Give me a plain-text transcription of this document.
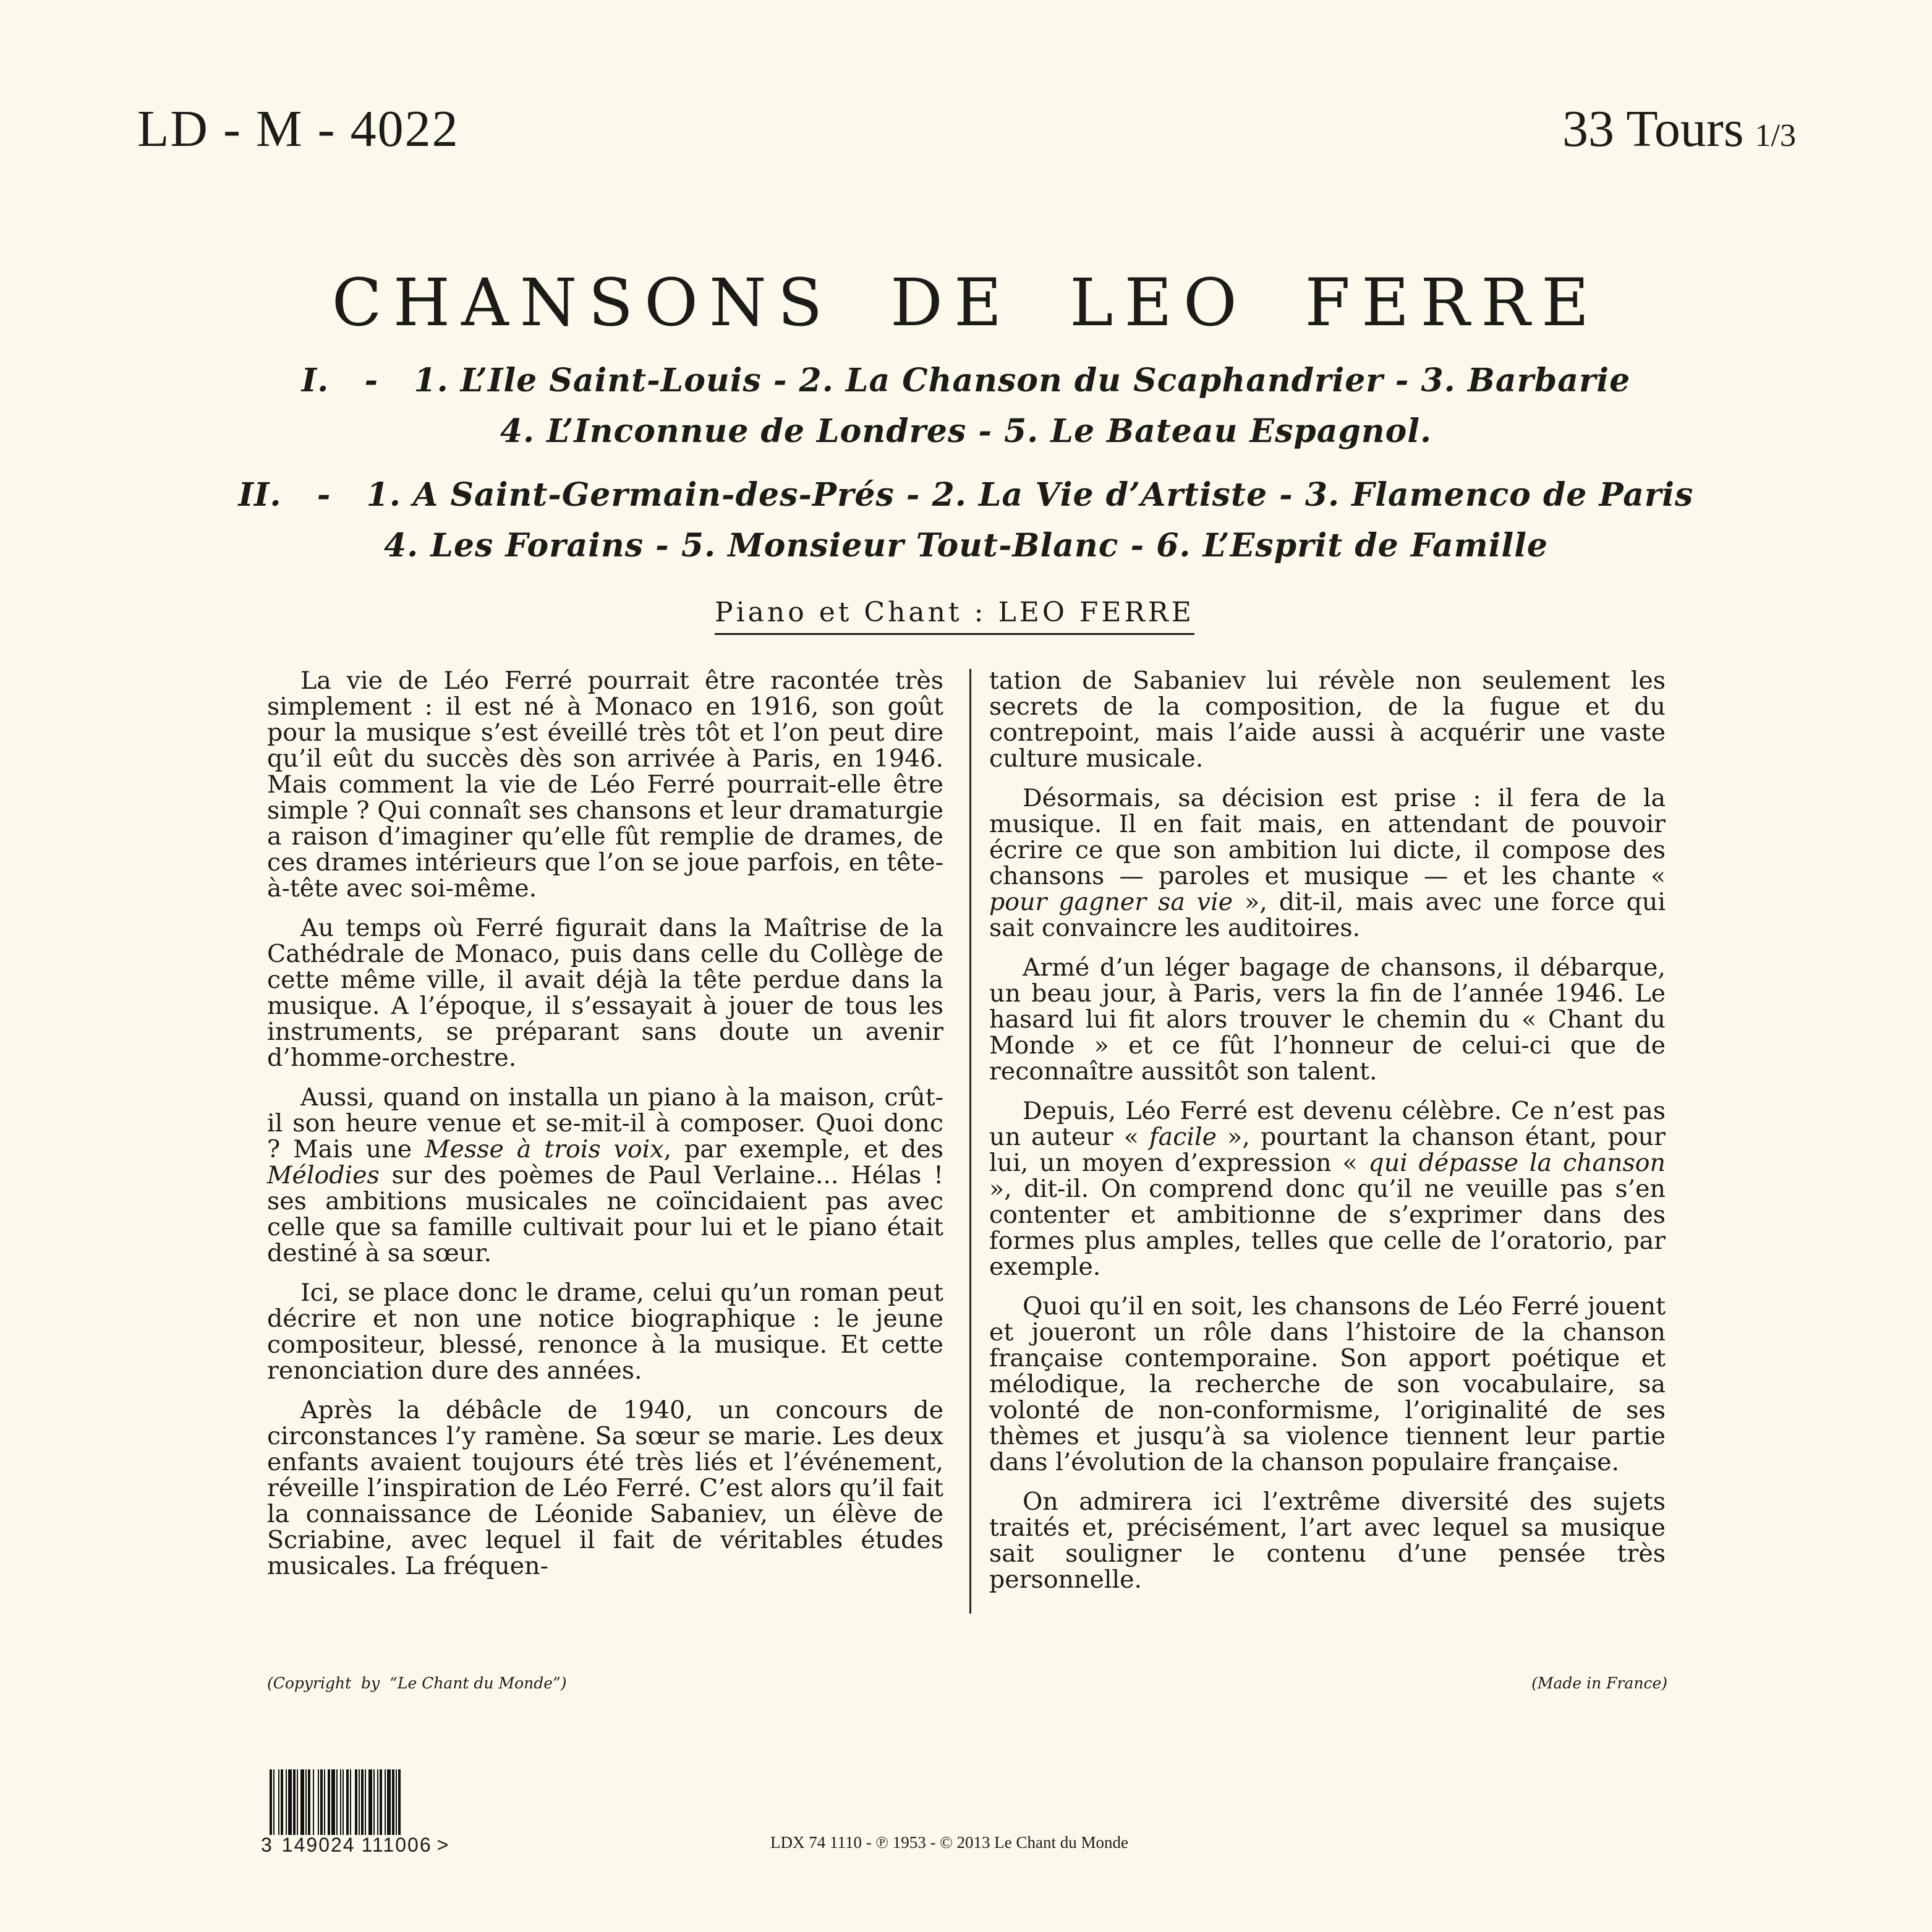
LD - M - 4022	33 Tours 1/3
CHANSONS DE LEO FERRE
I.   -   1. L’Ile Saint-Louis - 2. La Chanson du Scaphandrier - 3. Barbarie
4. L’Inconnue de Londres - 5. Le Bateau Espagnol.
II.   -   1. A Saint-Germain-des-Prés - 2. La Vie d’Artiste - 3. Flamenco de Paris
4. Les Forains - 5. Monsieur Tout-Blanc - 6. L’Esprit de Famille
Piano et Chant : LEO FERRE

La vie de Léo Ferré pourrait être racontée très simplement : il est né à Monaco en 1916, son goût pour la musique s’est éveillé très tôt et l’on peut dire qu’il eût du succès dès son arrivée à Paris, en 1946. Mais comment la vie de Léo Ferré pourrait-elle être simple ? Qui connaît ses chansons et leur dramaturgie a raison d’imaginer qu’elle fût remplie de drames, de ces drames intérieurs que l’on se joue parfois, en tête-à-tête avec soi-même.

Au temps où Ferré figurait dans la Maîtrise de la Cathédrale de Monaco, puis dans celle du Collège de cette même ville, il avait déjà la tête perdue dans la musique. A l’époque, il s’essayait à jouer de tous les instruments, se préparant sans doute un avenir d’homme-orchestre.

Aussi, quand on installa un piano à la maison, crût-il son heure venue et se-mit-il à composer. Quoi donc ? Mais une Messe à trois voix, par exemple, et des Mélodies sur des poèmes de Paul Verlaine... Hélas ! ses ambitions musicales ne coïncidaient pas avec celle que sa famille cultivait pour lui et le piano était destiné à sa sœur.

Ici, se place donc le drame, celui qu’un roman peut décrire et non une notice biographique : le jeune compositeur, blessé, renonce à la musique. Et cette renonciation dure des années.

Après la débâcle de 1940, un concours de circonstances l’y ramène. Sa sœur se marie. Les deux enfants avaient toujours été très liés et l’événement, réveille l’inspiration de Léo Ferré. C’est alors qu’il fait la connaissance de Léonide Sabaniev, un élève de Scriabine, avec lequel il fait de véritables études musicales. La fréquen-

tation de Sabaniev lui révèle non seulement les secrets de la composition, de la fugue et du contrepoint, mais l’aide aussi à acquérir une vaste culture musicale.

Désormais, sa décision est prise : il fera de la musique. Il en fait mais, en attendant de pouvoir écrire ce que son ambition lui dicte, il compose des chansons — paroles et musique — et les chante « pour gagner sa vie », dit-il, mais avec une force qui sait convaincre les auditoires.

Armé d’un léger bagage de chansons, il débarque, un beau jour, à Paris, vers la fin de l’année 1946. Le hasard lui fit alors trouver le chemin du « Chant du Monde » et ce fût l’honneur de celui-ci que de reconnaître aussitôt son talent.

Depuis, Léo Ferré est devenu célèbre. Ce n’est pas un auteur « facile », pourtant la chanson étant, pour lui, un moyen d’expression « qui dépasse la chanson », dit-il. On comprend donc qu’il ne veuille pas s’en contenter et ambitionne de s’exprimer dans des formes plus amples, telles que celle de l’oratorio, par exemple.

Quoi qu’il en soit, les chansons de Léo Ferré jouent et joueront un rôle dans l’histoire de la chanson française contemporaine. Son apport poétique et mélodique, la recherche de son vocabulaire, sa volonté de non-conformisme, l’originalité de ses thèmes et jusqu’à sa violence tiennent leur partie dans l’évolution de la chanson populaire française.

On admirera ici l’extrême diversité des sujets traités et, précisément, l’art avec lequel sa musique sait souligner le contenu d’une pensée très personnelle.

(Copyright  by  “Le Chant du Monde”)	(Made in France)
3 149024 111006 >	LDX 74 1110 - ℗ 1953 - © 2013 Le Chant du Monde
